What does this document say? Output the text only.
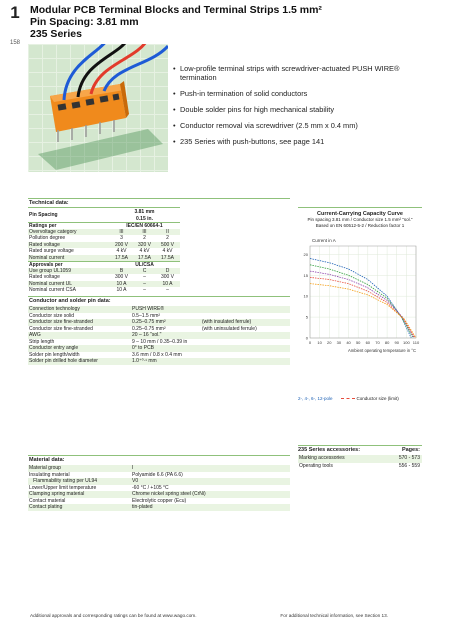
1
158
Modular PCB Terminal Blocks and Terminal Strips 1.5 mm²
Pin Spacing: 3.81 mm
235 Series
• Low-profile terminal strips with screwdriver-actuated PUSH WIRE® termination
• Push-in termination of solid conductors
• Double solder pins for high mechanical stability
• Conductor removal via screwdriver (2.5 mm x 0.4 mm)
• 235 Series with push-buttons, see page 141
Technical data:
Pin Spacing	3.81 mm
0.15 in.
Ratings per	IEC/EN 60664-1
Overvoltage category	III	III	II
Pollution degree	3	2	2
Rated voltage	200 V	320 V	500 V
Rated surge voltage	4 kV	4 kV	4 kV
Nominal current	17.5A	17.5A	17.5A
Approvals per	UL/CSA
Use group UL1059	B	C	D
Rated voltage	300 V	–	300 V
Nominal current UL	10 A	–	10 A
Nominal current CSA	10 A	–	–
Conductor and solder pin data:
Connection technology	PUSH WIRE®
Conductor size solid	0.5–1.5 mm²
Conductor size fine-stranded	0.25–0.75 mm²	(with insulated ferrule)
Conductor size fine-stranded	0.25–0.75 mm²	(with uninsulated ferrule)
AWG	20 – 16 "sol."
Strip length	9 – 10 mm / 0.35–0.39 in
Conductor entry angle	0° to PCB
Solder pin length/width	3.6 mm / 0.8 x 0.4 mm
Solder pin drilled hole diameter	1.0⁺⁰·¹ mm
Material data:
Material group	I
Insulating material	Polyamide 6.6 (PA 6.6)
Flammability rating per UL94	V0
Lower/Upper limit temperature	-60 °C / +105 °C
Clamping spring material	Chrome nickel spring steel (CrNi)
Contact material	Electrolytic copper (Ecu)
Contact plating	tin-plated
Current-Carrying Capacity Curve
Pin spacing 3.81 mm / Conductor size 1.5 mm² "sol."
Based on EN 60512-5-2 / Reduction factor 1
Current in A
0 10 20 30 40 50 60 70 80 90 100 110
0
5
10
15
20
Ambient operating temperature in °C
2-, 4-, 6-, 12-pole	Conductor size (limit)
235 Series accessories:	Pages:
Marking accessories	570 - 573
Operating tools	556 - 559
Additional approvals and corresponding ratings can be found at www.wago.com.	For additional technical information, see Section 13.
